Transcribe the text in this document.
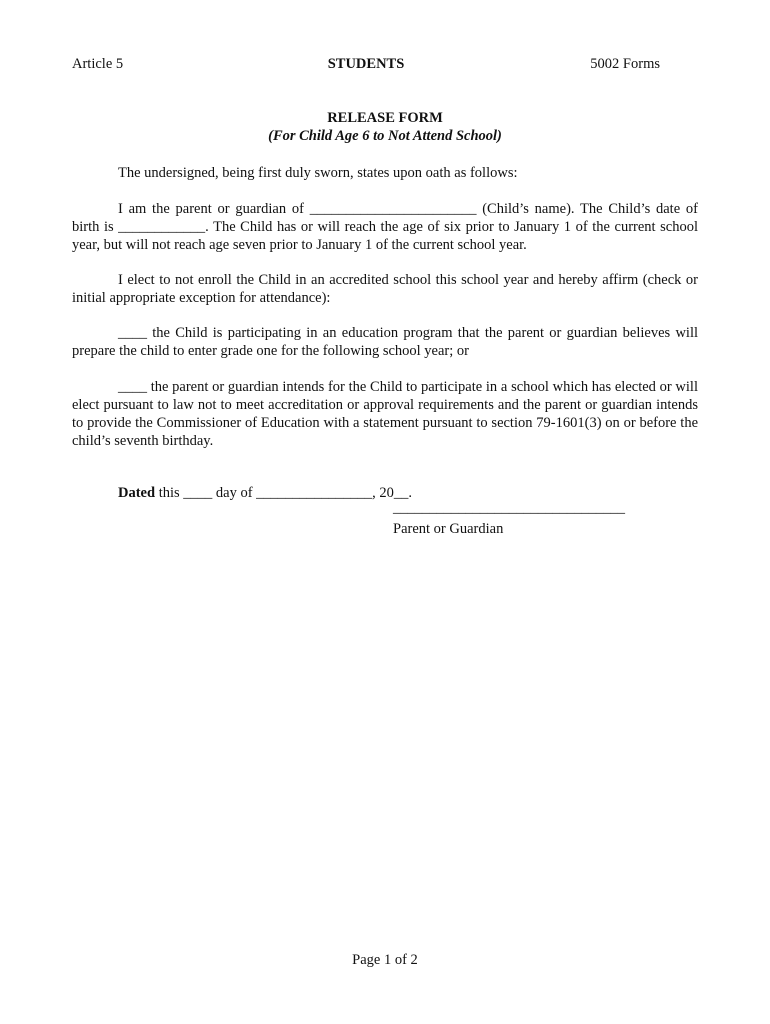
Article 5	STUDENTS	5002 Forms
RELEASE FORM
(For Child Age 6 to Not Attend School)
The undersigned, being first duly sworn, states upon oath as follows:
I am the parent or guardian of _______________________ (Child’s name). The Child’s date of birth is ____________. The Child has or will reach the age of six prior to January 1 of the current school year, but will not reach age seven prior to January 1 of the current school year.
I elect to not enroll the Child in an accredited school this school year and hereby affirm (check or initial appropriate exception for attendance):
____ the Child is participating in an education program that the parent or guardian believes will prepare the child to enter grade one for the following school year; or
____ the parent or guardian intends for the Child to participate in a school which has elected or will elect pursuant to law not to meet accreditation or approval requirements and the parent or guardian intends to provide the Commissioner of Education with a statement pursuant to section 79-1601(3) on or before the child’s seventh birthday.
Dated this ____ day of ________________, 20__.
________________________________
Parent or Guardian
Page 1 of 2
